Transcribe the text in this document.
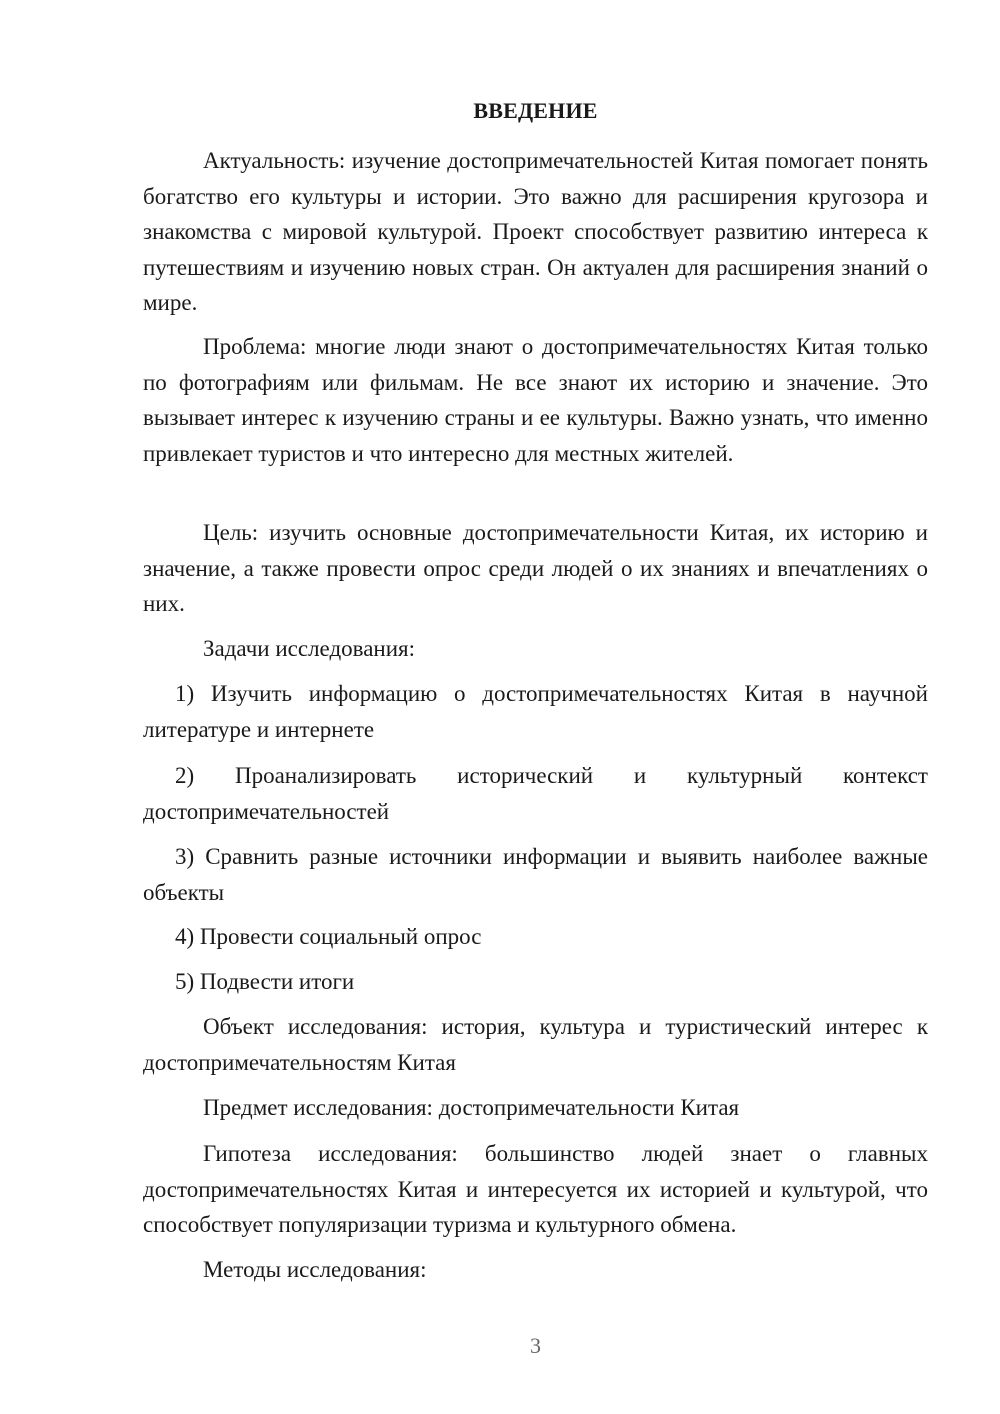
ВВЕДЕНИЕ

Актуальность: изучение достопримечательностей Китая помогает понять богатство его культуры и истории. Это важно для расширения кругозора и знакомства с мировой культурой. Проект способствует развитию интереса к путешествиям и изучению новых стран. Он актуален для расширения знаний о мире.

Проблема: многие люди знают о достопримечательностях Китая только по фотографиям или фильмам. Не все знают их историю и значение. Это вызывает интерес к изучению страны и ее культуры. Важно узнать, что именно привлекает туристов и что интересно для местных жителей.

Цель: изучить основные достопримечательности Китая, их историю и значение, а также провести опрос среди людей о их знаниях и впечатлениях о них.

Задачи исследования:

1) Изучить информацию о достопримечательностях Китая в научной литературе и интернете

2) Проанализировать исторический и культурный контекст достопримечательностей

3) Сравнить разные источники информации и выявить наиболее важные объекты

4) Провести социальный опрос

5) Подвести итоги

Объект исследования: история, культура и туристический интерес к достопримечательностям Китая

Предмет исследования: достопримечательности Китая

Гипотеза исследования: большинство людей знает о главных достопримечательностях Китая и интересуется их историей и культурой, что способствует популяризации туризма и культурного обмена.

Методы исследования:

3
